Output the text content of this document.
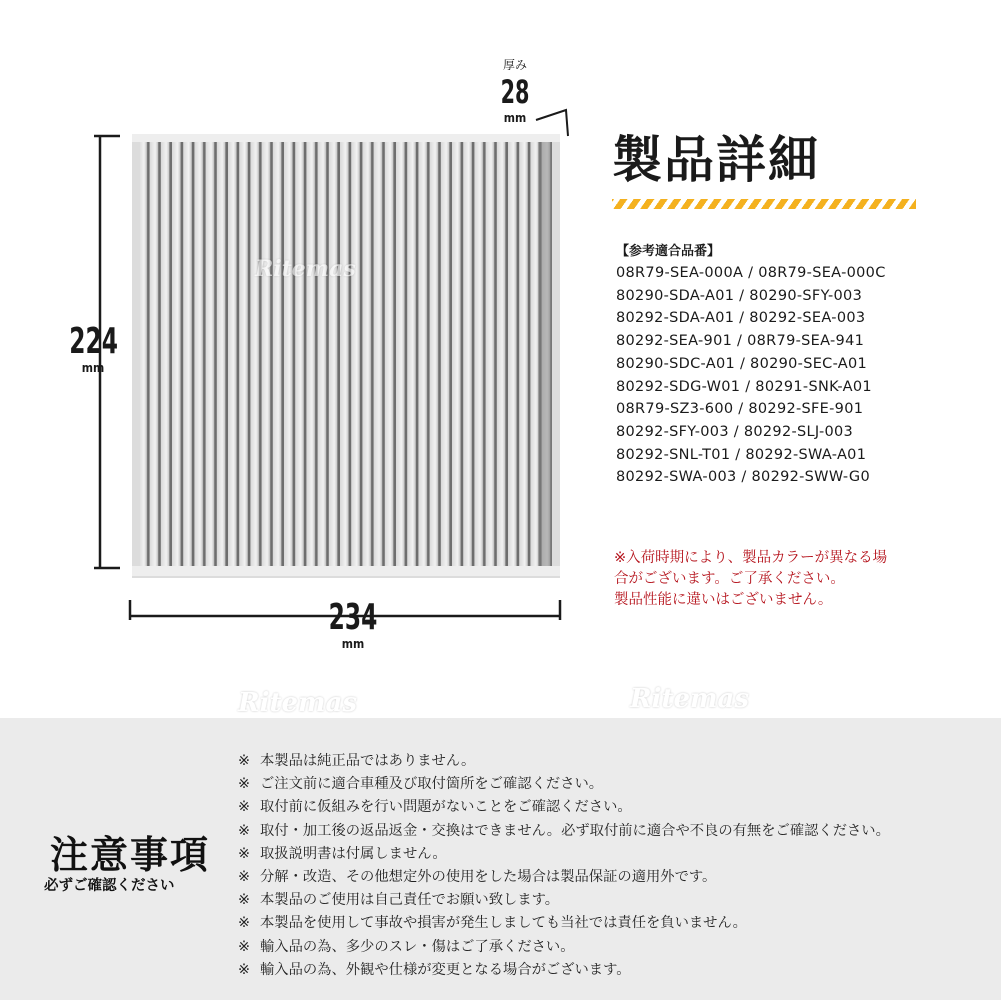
Ritemas
厚み
28
mm
224
mm
234
mm
Ritemas	Ritemas
製品詳細
【参考適合品番】
08R79-SEA-000A / 08R79-SEA-000C
80290-SDA-A01 / 80290-SFY-003
80292-SDA-A01 / 80292-SEA-003
80292-SEA-901 / 08R79-SEA-941
80290-SDC-A01 / 80290-SEC-A01
80292-SDG-W01 / 80291-SNK-A01
08R79-SZ3-600 / 80292-SFE-901
80292-SFY-003 / 80292-SLJ-003
80292-SNL-T01 / 80292-SWA-A01
80292-SWA-003 / 80292-SWW-G0
※入荷時期により、製品カラーが異なる場
合がございます。ご了承ください。
製品性能に違いはございません。
注意事項
必ずご確認ください
※ 本製品は純正品ではありません。
※ ご注文前に適合車種及び取付箇所をご確認ください。
※ 取付前に仮組みを行い問題がないことをご確認ください。
※ 取付・加工後の返品返金・交換はできません。必ず取付前に適合や不良の有無をご確認ください。
※ 取扱説明書は付属しません。
※ 分解・改造、その他想定外の使用をした場合は製品保証の適用外です。
※ 本製品のご使用は自己責任でお願い致します。
※ 本製品を使用して事故や損害が発生しましても当社では責任を負いません。
※ 輸入品の為、多少のスレ・傷はご了承ください。
※ 輸入品の為、外観や仕様が変更となる場合がございます。
